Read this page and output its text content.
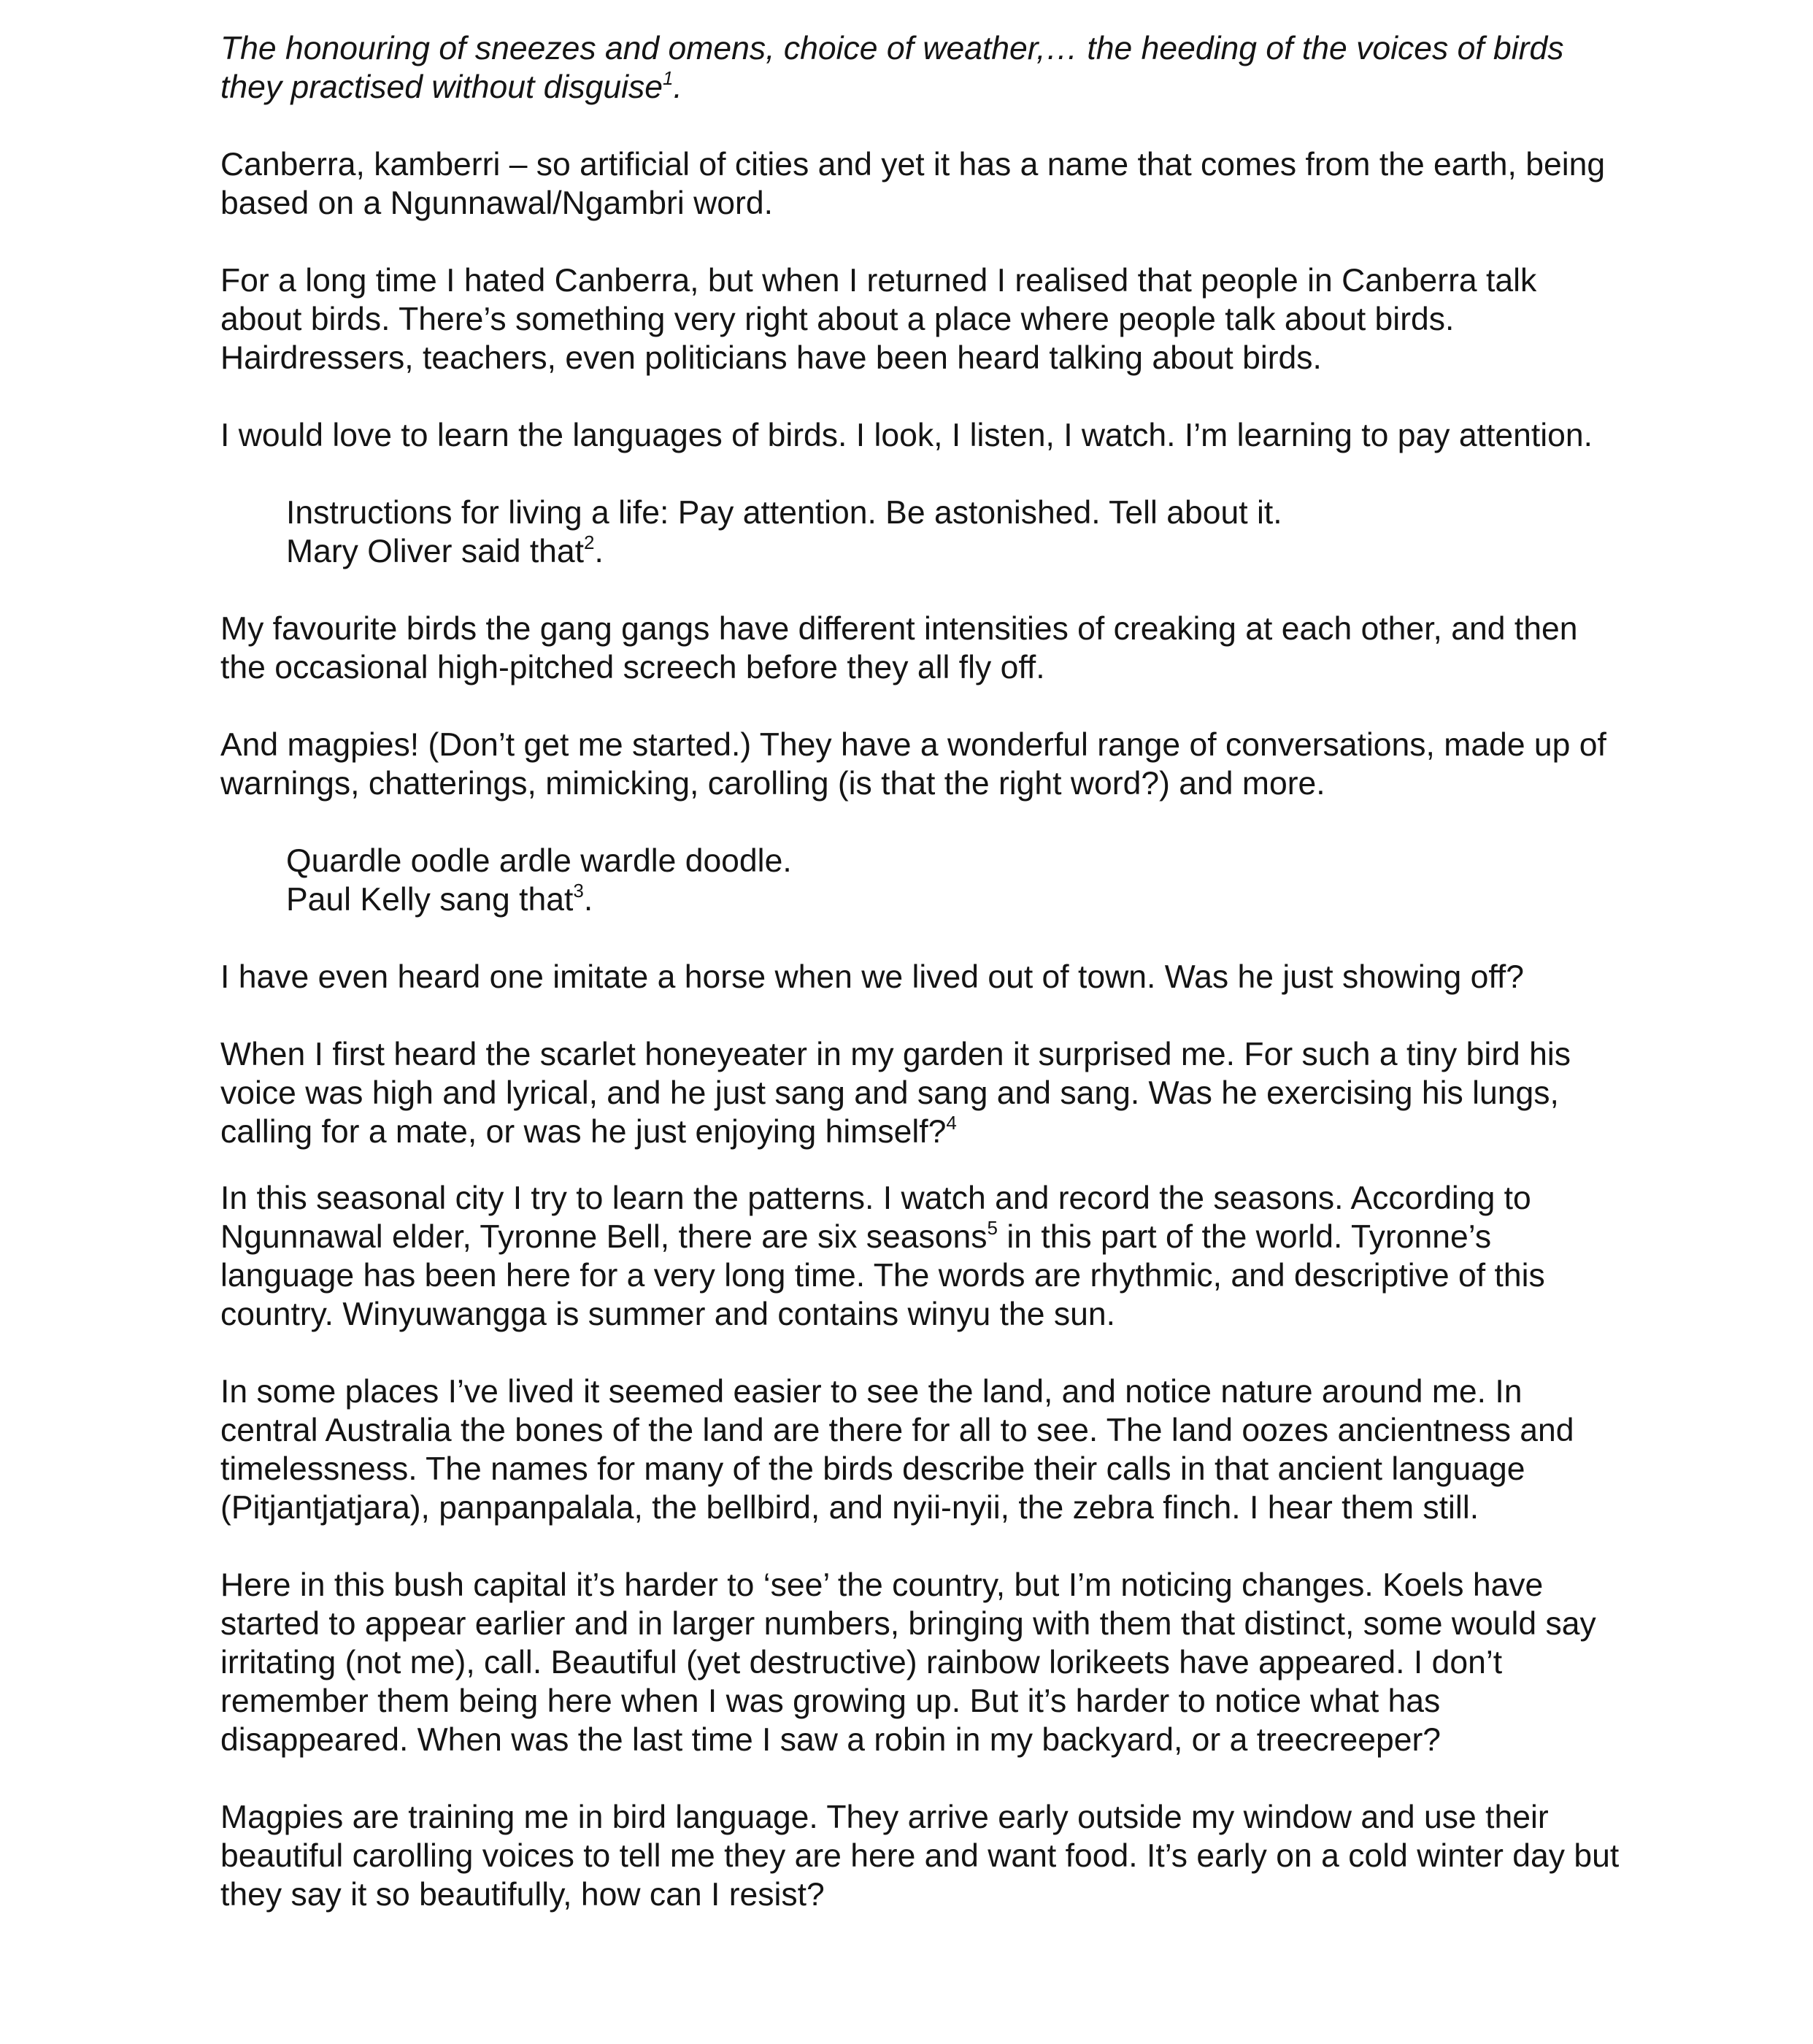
The honouring of sneezes and omens, choice of weather,… the heeding of the voices of birds they practised without disguise$^1$.

Canberra, kamberri – so artificial of cities and yet it has a name that comes from the earth, being based on a Ngunnawal/Ngambri word.

For a long time I hated Canberra, but when I returned I realised that people in Canberra talk about birds. There’s something very right about a place where people talk about birds. Hairdressers, teachers, even politicians have been heard talking about birds.

I would love to learn the languages of birds. I look, I listen, I watch. I’m learning to pay attention.

Instructions for living a life: Pay attention. Be astonished. Tell about it.
Mary Oliver said that$^2$.

My favourite birds the gang gangs have different intensities of creaking at each other, and then the occasional high-pitched screech before they all fly off.

And magpies! (Don’t get me started.) They have a wonderful range of conversations, made up of warnings, chatterings, mimicking, carolling (is that the right word?) and more.

Quardle oodle ardle wardle doodle.
Paul Kelly sang that$^3$.

I have even heard one imitate a horse when we lived out of town. Was he just showing off?

When I first heard the scarlet honeyeater in my garden it surprised me. For such a tiny bird his voice was high and lyrical, and he just sang and sang and sang. Was he exercising his lungs, calling for a mate, or was he just enjoying himself?$^4$

In this seasonal city I try to learn the patterns. I watch and record the seasons. According to Ngunnawal elder, Tyronne Bell, there are six seasons$^5$ in this part of the world. Tyronne’s language has been here for a very long time. The words are rhythmic, and descriptive of this country. Winyuwangga is summer and contains winyu the sun.

In some places I’ve lived it seemed easier to see the land, and notice nature around me. In central Australia the bones of the land are there for all to see. The land oozes ancientness and timelessness. The names for many of the birds describe their calls in that ancient language (Pitjantjatjara), panpanpalala, the bellbird, and nyii-nyii, the zebra finch. I hear them still.

Here in this bush capital it’s harder to ‘see’ the country, but I’m noticing changes. Koels have started to appear earlier and in larger numbers, bringing with them that distinct, some would say irritating (not me), call. Beautiful (yet destructive) rainbow lorikeets have appeared. I don’t remember them being here when I was growing up. But it’s harder to notice what has disappeared. When was the last time I saw a robin in my backyard, or a treecreeper?

Magpies are training me in bird language. They arrive early outside my window and use their beautiful carolling voices to tell me they are here and want food. It’s early on a cold winter day but they say it so beautifully, how can I resist?
